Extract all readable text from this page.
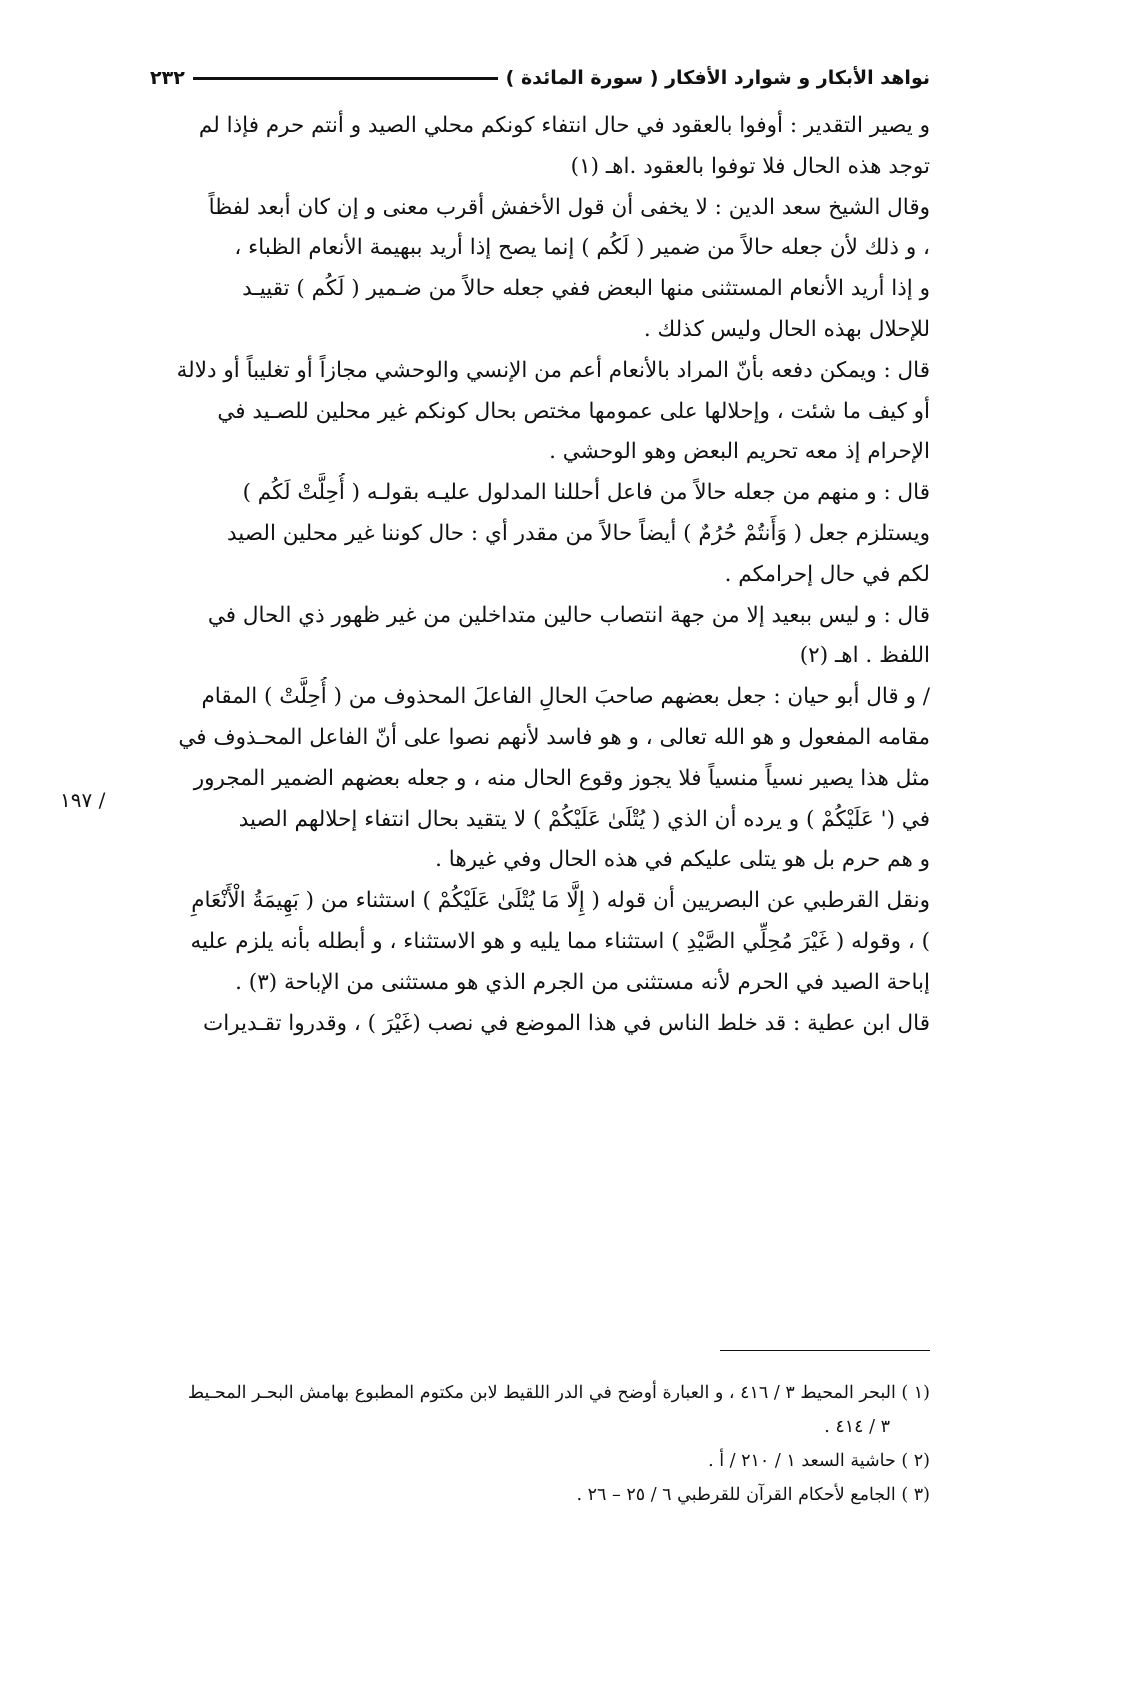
نواهد الأبكار و شوارد الأفكار ( سورة المائدة )
٢٣٢
/ ١٩٧
و يصير التقدير : أوفوا بالعقود في حال انتفاء كونكم محلي الصيد و أنتم حرم فإذا لم
توجد هذه الحال فلا توفوا بالعقود .اهـ (١)
وقال الشيخ سعد الدين : لا يخفى أن قول الأخفش أقرب معنى و إن كان أبعد لفظاً
، و ذلك لأن جعله حالاً من ضمير ( لَكُم ) إنما يصح إذا أريد ببهيمة الأنعام الظباء ،
و إذا أريد الأنعام المستثنى منها البعض ففي جعله حالاً من ضـمير ( لَكُم ) تقييـد
للإحلال بهذه الحال وليس كذلك .
قال : ويمكن دفعه بأنّ المراد بالأنعام أعم من الإنسي والوحشي مجازاً أو تغليباً أو دلالة
أو كيف ما شئت ، وإحلالها على عمومها مختص بحال كونكم غير محلين للصـيد في
الإحرام إذ معه تحريم البعض وهو الوحشي .
قال : و منهم من جعله حالاً من فاعل أحللنا المدلول عليـه بقولـه ( أُحِلَّتْ لَكُم )
ويستلزم جعل ( وَأَنتُمْ حُرُمٌ ) أيضاً حالاً من مقدر أي : حال كوننا غير محلين الصيد
لكم في حال إحرامكم .
قال : و ليس ببعيد إلا من جهة انتصاب حالين متداخلين من غير ظهور ذي الحال في
اللفظ . اهـ (٢)
/ و قال أبو حيان : جعل بعضهم صاحبَ الحالِ الفاعلَ المحذوف من ( أُحِلَّتْ ) المقام
مقامه المفعول و هو الله تعالى ، و هو فاسد لأنهم نصوا على أنّ الفاعل المحـذوف في
مثل هذا يصير نسياً منسياً فلا يجوز وقوع الحال منه ، و جعله بعضهم الضمير المجرور
في (' عَلَيْكُمْ ) و يرده أن الذي ( يُتْلَىٰ عَلَيْكُمْ ) لا يتقيد بحال انتفاء إحلالهم الصيد
و هم حرم بل هو يتلى عليكم في هذه الحال وفي غيرها .
ونقل القرطبي عن البصريين أن قوله ( إِلَّا مَا يُتْلَىٰ عَلَيْكُمْ ) استثناء من ( بَهِيمَةُ الْأَنْعَامِ
) ، وقوله ( غَيْرَ مُحِلِّي الصَّيْدِ ) استثناء مما يليه و هو الاستثناء ، و أبطله بأنه يلزم عليه
إباحة الصيد في الحرم لأنه مستثنى من الجرم الذي هو مستثنى من الإباحة (٣) .
قال ابن عطية : قد خلط الناس في هذا الموضع في نصب (غَيْرَ ) ، وقدروا تقـديرات
(١ ) البحر المحيط ٣ / ٤١٦ ، و العبارة أوضح في الدر اللقيط لابن مكتوم المطبوع بهامش البحـر المحـيط
٣ / ٤١٤ .
(٢ ) حاشية السعد ١ / ٢١٠ / أ .
(٣ ) الجامع لأحكام القرآن للقرطبي ٦ / ٢٥ – ٢٦ .
